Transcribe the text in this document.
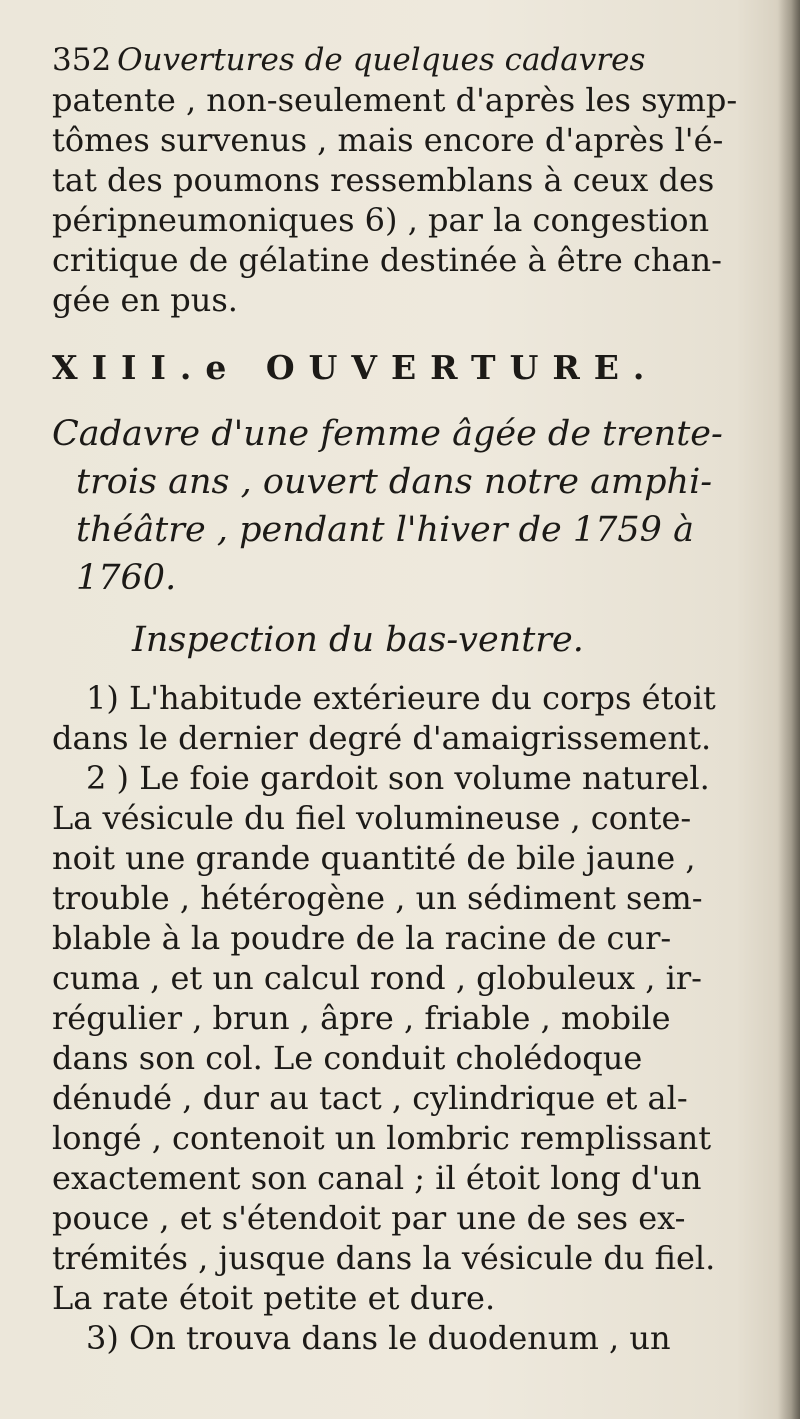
352 Ouvertures de quelques cadavres
patente , non-seulement d'après les symp-
tômes survenus , mais encore d'après l'é-
tat des poumons ressemblans à ceux des
péripneumoniques 6) , par la congestion
critique de gélatine destinée à être chan-
gée en pus.
XIII.e OUVERTURE.
Cadavre d'une femme âgée de trente-
trois ans , ouvert dans notre amphi-
théâtre , pendant l'hiver de 1759 à
1760.
Inspection du bas-ventre.
1) L'habitude extérieure du corps étoit
dans le dernier degré d'amaigrissement.
2 ) Le foie gardoit son volume naturel.
La vésicule du fiel volumineuse , conte-
noit une grande quantité de bile jaune ,
trouble , hétérogène , un sédiment sem-
blable à la poudre de la racine de cur-
cuma , et un calcul rond , globuleux , ir-
régulier , brun , âpre , friable , mobile
dans son col. Le conduit cholédoque
dénudé , dur au tact , cylindrique et al-
longé , contenoit un lombric remplissant
exactement son canal ; il étoit long d'un
pouce , et s'étendoit par une de ses ex-
trémités , jusque dans la vésicule du fiel.
La rate étoit petite et dure.
3) On trouva dans le duodenum , un
